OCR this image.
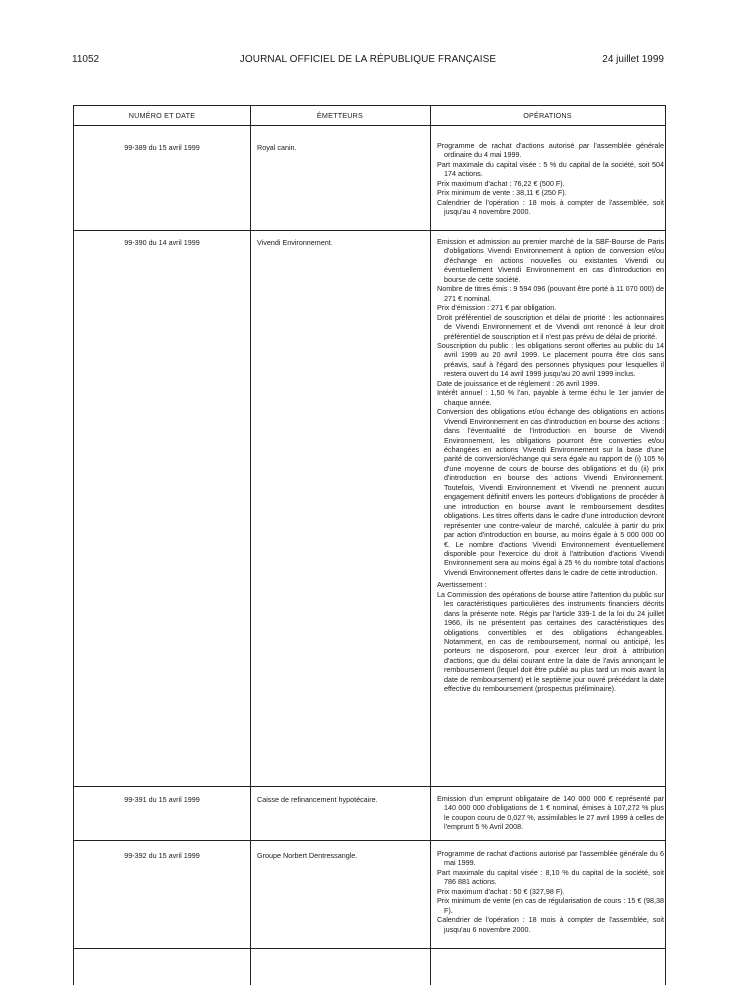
11052	JOURNAL OFFICIEL DE LA RÉPUBLIQUE FRANÇAISE	24 juillet 1999
NUMÉRO ET DATE	ÉMETTEURS	OPÉRATIONS
99-389 du 15 avril 1999	Royal canin.	Programme de rachat d'actions autorisé par l'assemblée générale ordinaire du 4 mai 1999.

Part maximale du capital visée : 5 % du capital de la société, soit 504 174 actions.

Prix maximum d'achat : 76,22 € (500 F).

Prix minimum de vente : 38,11 € (250 F).

Calendrier de l'opération : 18 mois à compter de l'assemblée, soit jusqu'au 4 novembre 2000.

99-390 du 14 avril 1999	Vivendi Environnement.	Emission et admission au premier marché de la SBF-Bourse de Paris d'obligations Vivendi Environnement à option de conversion et/ou d'échange en actions nouvelles ou existantes Vivendi ou éventuellement Vivendi Environnement en cas d'introduction en bourse de cette société.

Nombre de titres émis : 9 594 096 (pouvant être porté à 11 070 000) de 271 € nominal.

Prix d'émission : 271 € par obligation.

Droit préférentiel de souscription et délai de priorité : les actionnaires de Vivendi Environnement et de Vivendi ont renoncé à leur droit préférentiel de souscription et il n'est pas prévu de délai de priorité.

Souscription du public : les obligations seront offertes au public du 14 avril 1999 au 20 avril 1999. Le placement pourra être clos sans préavis, sauf à l'égard des personnes physiques pour lesquelles il restera ouvert du 14 avril 1999 jusqu'au 20 avril 1999 inclus.

Date de jouissance et de règlement : 26 avril 1999.

Intérêt annuel : 1,50 % l'an, payable à terme échu le 1er janvier de chaque année.

Conversion des obligations et/ou échange des obligations en actions Vivendi Environnement en cas d'introduction en bourse des actions : dans l'éventualité de l'introduction en bourse de Vivendi Environnement, les obligations pourront être converties et/ou échangées en actions Vivendi Environnement sur la base d'une parité de conversion/échange qui sera égale au rapport de (i) 105 % d'une moyenne de cours de bourse des obligations et du (ii) prix d'introduction en bourse des actions Vivendi Environnement. Toutefois, Vivendi Environnement et Vivendi ne prennent aucun engagement définitif envers les porteurs d'obligations de procéder à une introduction en bourse avant le remboursement desdites obligations. Les titres offerts dans le cadre d'une introduction devront représenter une contre-valeur de marché, calculée à partir du prix par action d'introduction en bourse, au moins égale à 5 000 000 00 €. Le nombre d'actions Vivendi Environnement éventuellement disponible pour l'exercice du droit à l'attribution d'actions Vivendi Environnement sera au moins égal à 25 % du nombre total d'actions Vivendi Environnement offertes dans le cadre de cette introduction.

Avertissement :

La Commission des opérations de bourse attire l'attention du public sur les caractéristiques particulières des instruments financiers décrits dans la présente note. Régis par l'article 339-1 de la loi du 24 juillet 1966, ils ne présentent pas certaines des caractéristiques des obligations convertibles et des obligations échangeables. Notamment, en cas de remboursement, normal ou anticipé, les porteurs ne disposeront, pour exercer leur droit à attribution d'actions, que du délai courant entre la date de l'avis annonçant le remboursement (lequel doit être publié au plus tard un mois avant la date de remboursement) et le septième jour ouvré précédant la date effective du remboursement (prospectus préliminaire).

99-391 du 15 avril 1999	Caisse de refinancement hypotécaire.	Emission d'un emprunt obligataire de 140 000 000 € représenté par 140 000 000 d'obligations de 1 € nominal, émises à 107,272 % plus le coupon couru de 0,027 %, assimilables le 27 avril 1999 à celles de l'emprunt 5 % Avril 2008.

99-392 du 15 avril 1999	Groupe Norbert Dentressangle.	Programme de rachat d'actions autorisé par l'assemblée générale du 6 mai 1999.

Part maximale du capital visée : 8,10 % du capital de la société, soit 786 881 actions.

Prix maximum d'achat : 50 € (327,98 F).

Prix minimum de vente (en cas de régularisation de cours : 15 € (98,38 F).

Calendrier de l'opération : 18 mois à compter de l'assemblée, soit jusqu'au 6 novembre 2000.
